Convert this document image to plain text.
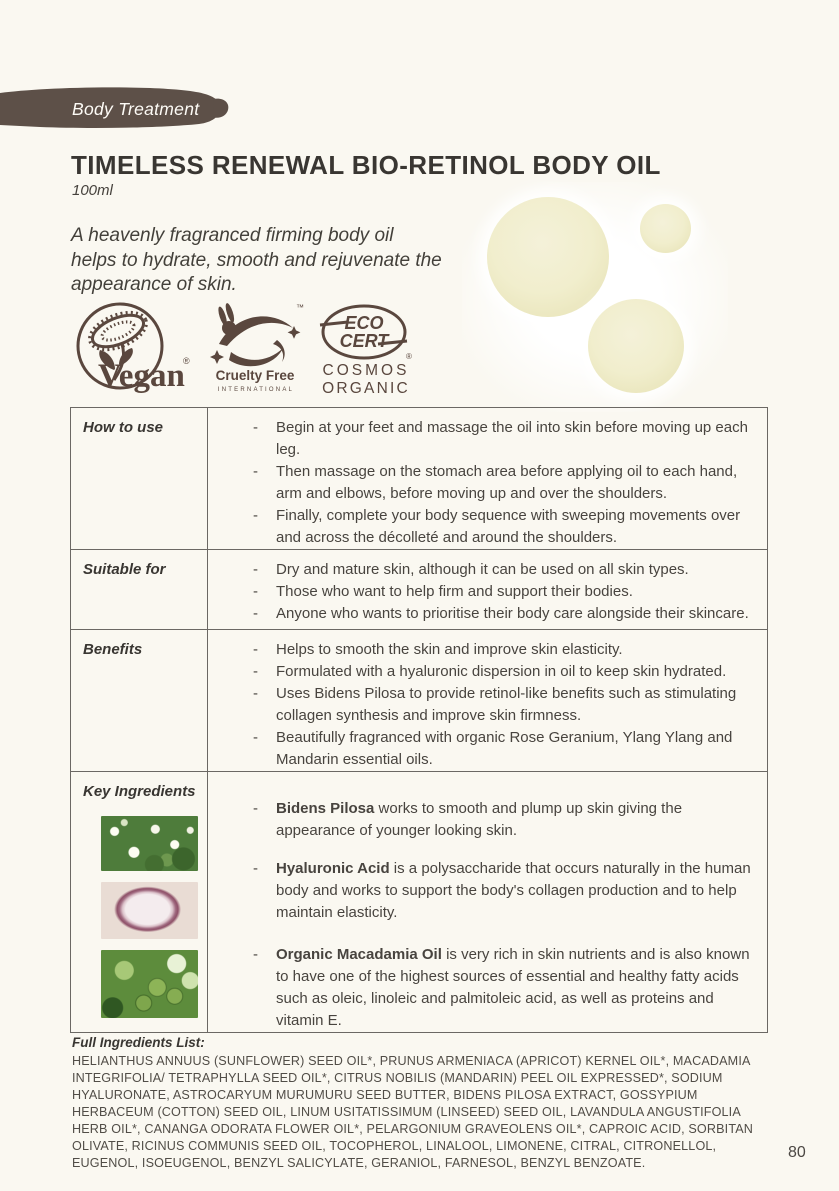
Body Treatment
TIMELESS RENEWAL BIO-RETINOL BODY OIL
100ml
A heavenly fragranced firming body oil
helps to hydrate, smooth and rejuvenate the
appearance of skin.
Vegan
®
™
Cruelty Free
INTERNATIONAL
ECO
CERT
®
COSMOS
ORGANIC
How to use	-	Begin at your feet and massage the oil into skin before moving up each leg.
-	Then massage on the stomach area before applying oil to each hand, arm and elbows, before moving up and over the shoulders.
-	Finally, complete your body sequence with sweeping movements over and across the décolleté and around the shoulders.
Suitable for	-	Dry and mature skin, although it can be used on all skin types.
-	Those who want to help firm and support their bodies.
-	Anyone who wants to prioritise their body care alongside their skincare.
Benefits	-	Helps to smooth the skin and improve skin elasticity.
-	Formulated with a hyaluronic dispersion in oil to keep skin hydrated.
-	Uses Bidens Pilosa to provide retinol-like benefits such as stimulating collagen synthesis and improve skin firmness.
-	Beautifully fragranced with organic Rose Geranium, Ylang Ylang and Mandarin essential oils.
Key Ingredients
-	Bidens Pilosa works to smooth and plump up skin giving the appearance of younger looking skin.
-	Hyaluronic Acid is a polysaccharide that occurs naturally in the human body and works to support the body's collagen production and to help maintain elasticity.
-	Organic Macadamia Oil is very rich in skin nutrients and is also known to have one of the highest sources of essential and healthy fatty acids such as oleic, linoleic and palmitoleic acid, as well as proteins and vitamin E.
Full Ingredients List:
HELIANTHUS ANNUUS (SUNFLOWER) SEED OIL*, PRUNUS ARMENIACA (APRICOT) KERNEL OIL*, MACADAMIA INTEGRIFOLIA/ TETRAPHYLLA SEED OIL*, CITRUS NOBILIS (MANDARIN) PEEL OIL EXPRESSED*, SODIUM HYALURONATE, ASTROCARYUM MURUMURU SEED BUTTER, BIDENS PILOSA EXTRACT, GOSSYPIUM HERBACEUM (COTTON) SEED OIL, LINUM USITATISSIMUM (LINSEED) SEED OIL, LAVANDULA ANGUSTIFOLIA HERB OIL*, CANANGA ODORATA FLOWER OIL*, PELARGONIUM GRAVEOLENS OIL*, CAPROIC ACID, SORBITAN OLIVATE, RICINUS COMMUNIS SEED OIL, TOCOPHEROL, LINALOOL, LIMONENE, CITRAL, CITRONELLOL, EUGENOL, ISOEUGENOL, BENZYL SALICYLATE, GERANIOL, FARNESOL, BENZYL BENZOATE.
80
